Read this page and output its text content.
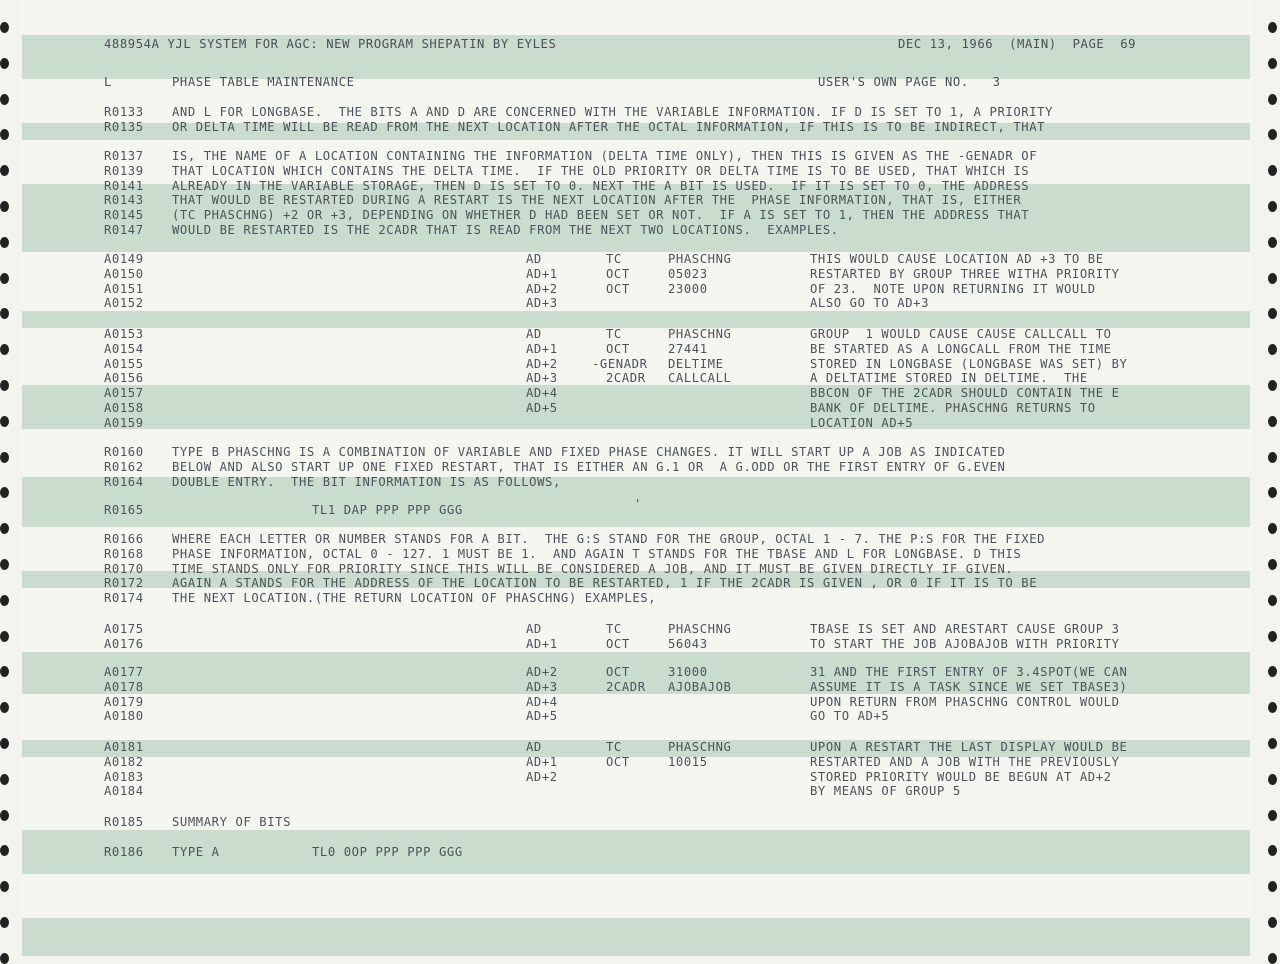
488954A YJL SYSTEM FOR AGC: NEW PROGRAM SHEPATIN BY EYLES	DEC 13, 1966  (MAIN)  PAGE  69
L	PHASE TABLE MAINTENANCE	USER'S OWN PAGE NO.   3
R0133 AND L FOR LONGBASE.  THE BITS A AND D ARE CONCERNED WITH THE VARIABLE INFORMATION. IF D IS SET TO 1, A PRIORITY
R0135 OR DELTA TIME WILL BE READ FROM THE NEXT LOCATION AFTER THE OCTAL INFORMATION, IF THIS IS TO BE INDIRECT, THAT
R0137 IS, THE NAME OF A LOCATION CONTAINING THE INFORMATION (DELTA TIME ONLY), THEN THIS IS GIVEN AS THE -GENADR OF
R0139 THAT LOCATION WHICH CONTAINS THE DELTA TIME.  IF THE OLD PRIORITY OR DELTA TIME IS TO BE USED, THAT WHICH IS
R0141 ALREADY IN THE VARIABLE STORAGE, THEN D IS SET TO 0. NEXT THE A BIT IS USED.  IF IT IS SET TO 0, THE ADDRESS
R0143 THAT WOULD BE RESTARTED DURING A RESTART IS THE NEXT LOCATION AFTER THE  PHASE INFORMATION, THAT IS, EITHER
R0145 (TC PHASCHNG) +2 OR +3, DEPENDING ON WHETHER D HAD BEEN SET OR NOT.  IF A IS SET TO 1, THEN THE ADDRESS THAT
R0147 WOULD BE RESTARTED IS THE 2CADR THAT IS READ FROM THE NEXT TWO LOCATIONS.  EXAMPLES.
A0149	AD	TC	PHASCHNG	THIS WOULD CAUSE LOCATION AD +3 TO BE
A0150	AD+1	OCT	05023	RESTARTED BY GROUP THREE WITHA PRIORITY
A0151	AD+2	OCT	23000	OF 23.  NOTE UPON RETURNING IT WOULD
A0152	AD+3	ALSO GO TO AD+3
A0153	AD	TC	PHASCHNG	GROUP  1 WOULD CAUSE CAUSE CALLCALL TO
A0154	AD+1	OCT	27441	BE STARTED AS A LONGCALL FROM THE TIME
A0155	AD+2	-GENADR DELTIME	STORED IN LONGBASE (LONGBASE WAS SET) BY
A0156	AD+3	2CADR CALLCALL	A DELTATIME STORED IN DELTIME.  THE
A0157	AD+4	BBCON OF THE 2CADR SHOULD CONTAIN THE E
A0158	AD+5	BANK OF DELTIME. PHASCHNG RETURNS TO
A0159	LOCATION AD+5
R0160 TYPE B PHASCHNG IS A COMBINATION OF VARIABLE AND FIXED PHASE CHANGES. IT WILL START UP A JOB AS INDICATED
R0162 BELOW AND ALSO START UP ONE FIXED RESTART, THAT IS EITHER AN G.1 OR  A G.ODD OR THE FIRST ENTRY OF G.EVEN
R0164 DOUBLE ENTRY.  THE BIT INFORMATION IS AS FOLLOWS,
R0165	TL1 DAP PPP PPP GGG	'
R0166 WHERE EACH LETTER OR NUMBER STANDS FOR A BIT.  THE G:S STAND FOR THE GROUP, OCTAL 1 - 7. THE P:S FOR THE FIXED
R0168 PHASE INFORMATION, OCTAL 0 - 127. 1 MUST BE 1.  AND AGAIN T STANDS FOR THE TBASE AND L FOR LONGBASE. D THIS
R0170 TIME STANDS ONLY FOR PRIORITY SINCE THIS WILL BE CONSIDERED A JOB, AND IT MUST BE GIVEN DIRECTLY IF GIVEN.
R0172 AGAIN A STANDS FOR THE ADDRESS OF THE LOCATION TO BE RESTARTED, 1 IF THE 2CADR IS GIVEN , OR 0 IF IT IS TO BE
R0174 THE NEXT LOCATION.(THE RETURN LOCATION OF PHASCHNG) EXAMPLES,
A0175	AD	TC	PHASCHNG	TBASE IS SET AND ARESTART CAUSE GROUP 3
A0176	AD+1	OCT	56043	TO START THE JOB AJOBAJOB WITH PRIORITY
A0177	AD+2	OCT	31000	31 AND THE FIRST ENTRY OF 3.4SPOT(WE CAN
A0178	AD+3	2CADR AJOBAJOB	ASSUME IT IS A TASK SINCE WE SET TBASE3)
A0179	AD+4	UPON RETURN FROM PHASCHNG CONTROL WOULD
A0180	AD+5	GO TO AD+5
A0181	AD	TC	PHASCHNG	UPON A RESTART THE LAST DISPLAY WOULD BE
A0182	AD+1	OCT	10015	RESTARTED AND A JOB WITH THE PREVIOUSLY
A0183	AD+2	STORED PRIORITY WOULD BE BEGUN AT AD+2
A0184	BY MEANS OF GROUP 5
R0185 SUMMARY OF BITS
R0186 TYPE A	TL0 0OP PPP PPP GGG
